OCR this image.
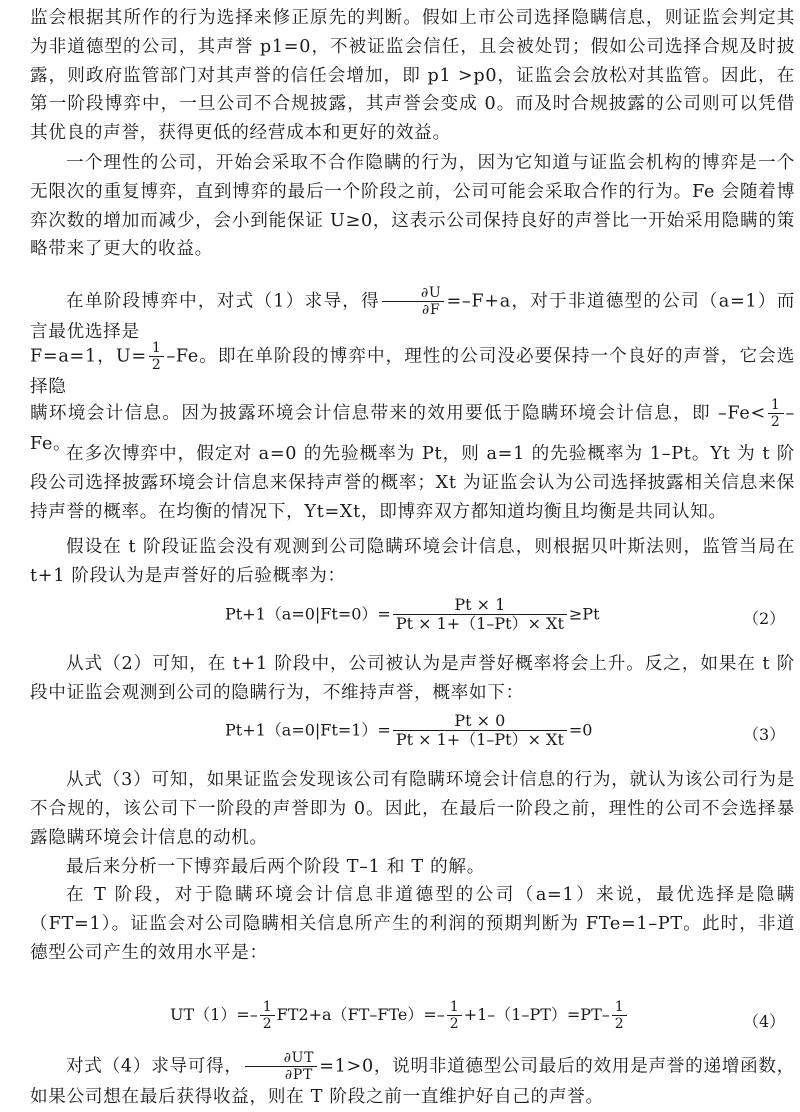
监会根据其所作的行为选择来修正原先的判断。假如上市公司选择隐瞒信息，则证监会判定其为非道德型的公司，其声誉 p1=0，不被证监会信任，且会被处罚；假如公司选择合规及时披露，则政府监管部门对其声誉的信任会增加，即 p1 >p0，证监会会放松对其监管。因此，在第一阶段博弈中，一旦公司不合规披露，其声誉会变成 0。而及时合规披露的公司则可以凭借其优良的声誉，获得更低的经营成本和更好的效益。

一个理性的公司，开始会采取不合作隐瞒的行为，因为它知道与证监会机构的博弈是一个无限次的重复博弈，直到博弈的最后一个阶段之前，公司可能会采取合作的行为。Fe 会随着博弈次数的增加而减少，会小到能保证 U≥0，这表示公司保持良好的声誉比一开始采用隐瞒的策略带来了更大的收益。

在单阶段博弈中，对式（1）求导，得 $\frac{\partial U}{\partial F} =-F+a$，对于非道德型的公司（a=1）而言最优选择是

F=a=1，$U= \frac{1}{2} -Fe$。即在单阶段的博弈中，理性的公司没必要保持一个良好的声誉，它会选择隐

瞒环境会计信息。因为披露环境会计信息带来的效用要低于隐瞒环境会计信息，即 $-Fe< \frac{1}{2} -Fe$。

在多次博弈中，假定对 a=0 的先验概率为 Pt，则 a=1 的先验概率为 1–Pt。Yt 为 t 阶段公司选择披露环境会计信息来保持声誉的概率；Xt 为证监会认为公司选择披露相关信息来保持声誉的概率。在均衡的情况下，Yt=Xt，即博弈双方都知道均衡且均衡是共同认知。

假设在 t 阶段证监会没有观测到公司隐瞒环境会计信息，则根据贝叶斯法则，监管当局在 t+1 阶段认为是声誉好的后验概率为：

$Pt+1(a=0|Ft=0)= \frac{Pt \times 1}{Pt \times 1+(1-Pt)\times Xt} \ge Pt$	（2）

从式（2）可知，在 t+1 阶段中，公司被认为是声誉好概率将会上升。反之，如果在 t 阶段中证监会观测到公司的隐瞒行为，不维持声誉，概率如下：

$Pt+1(a=0|Ft=1)= \frac{Pt \times 0}{Pt \times 1+(1-Pt)\times Xt} =0$	（3）

从式（3）可知，如果证监会发现该公司有隐瞒环境会计信息的行为，就认为该公司行为是不合规的，该公司下一阶段的声誉即为 0。因此，在最后一阶段之前，理性的公司不会选择暴露隐瞒环境会计信息的动机。

最后来分析一下博弈最后两个阶段 T–1 和 T 的解。

在 T 阶段，对于隐瞒环境会计信息非道德型的公司（a=1）来说，最优选择是隐瞒（FT=1）。证监会对公司隐瞒相关信息所产生的利润的预期判断为 FTe=1–PT。此时，非道德型公司产生的效用水平是：

$UT(1)=- \frac{1}{2} FT2+a(FT-FTe)=- \frac{1}{2} +1-(1-PT)=PT- \frac{1}{2}$	（4）

对式（4）求导可得， $\frac{\partial UT}{\partial PT} =1>0$，说明非道德型公司最后的效用是声誉的递增函数，如果公司想在最后获得收益，则在 T 阶段之前一直维护好自己的声誉。
